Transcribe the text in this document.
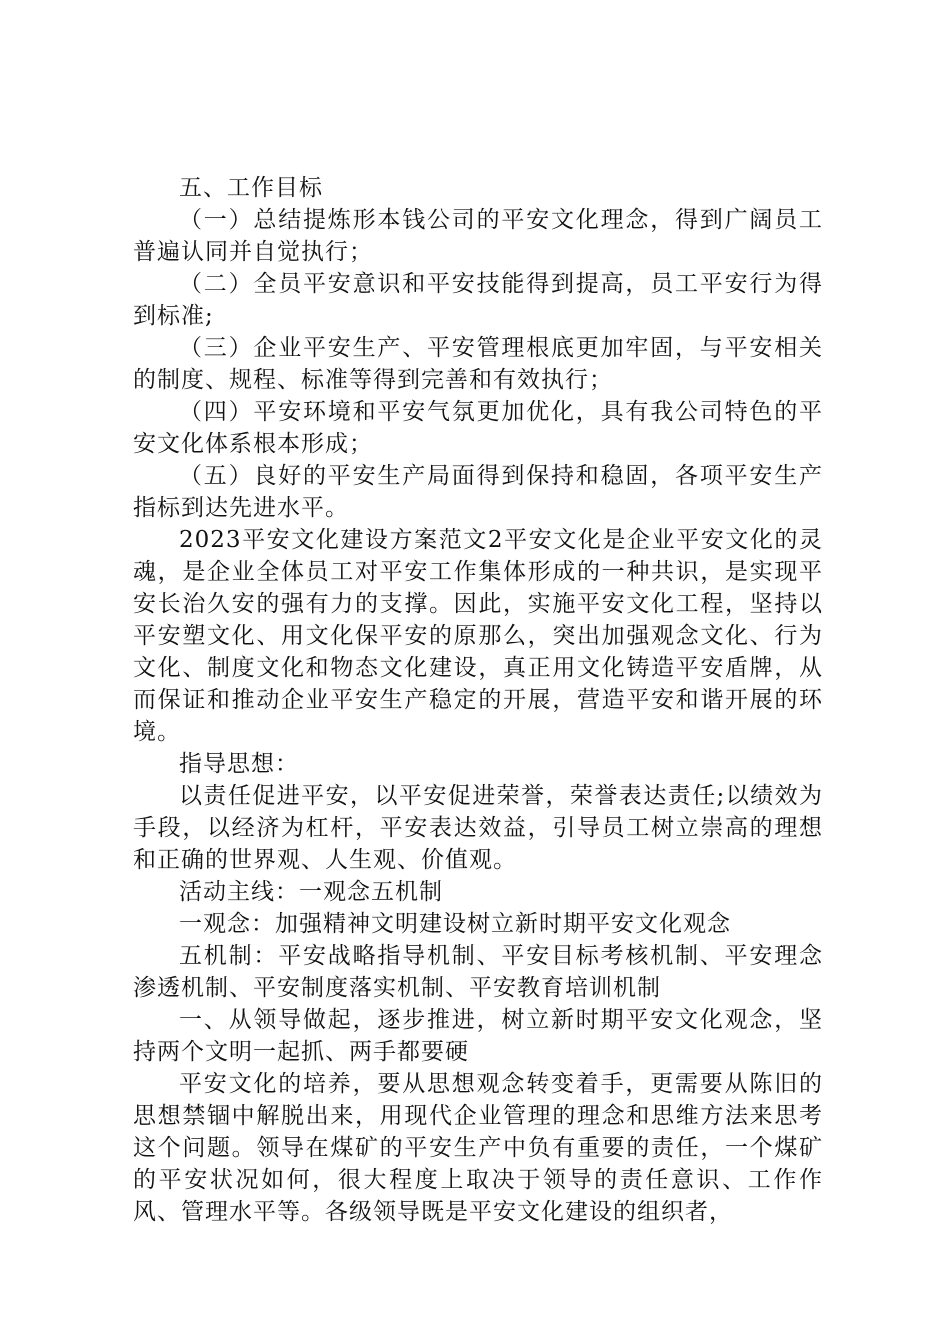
五、工作目标

（一）总结提炼形本钱公司的平安文化理念，得到广阔员工普遍认同并自觉执行；

（二）全员平安意识和平安技能得到提高，员工平安行为得到标准;

（三）企业平安生产、平安管理根底更加牢固，与平安相关的制度、规程、标准等得到完善和有效执行；

（四）平安环境和平安气氛更加优化，具有我公司特色的平安文化体系根本形成；

（五）良好的平安生产局面得到保持和稳固，各项平安生产指标到达先进水平。

2023平安文化建设方案范文2平安文化是企业平安文化的灵魂，是企业全体员工对平安工作集体形成的一种共识，是实现平安长治久安的强有力的支撑。因此，实施平安文化工程，坚持以平安塑文化、用文化保平安的原那么，突出加强观念文化、行为文化、制度文化和物态文化建设，真正用文化铸造平安盾牌，从而保证和推动企业平安生产稳定的开展，营造平安和谐开展的环境。

指导思想：

以责任促进平安，以平安促进荣誉，荣誉表达责任;以绩效为手段，以经济为杠杆，平安表达效益，引导员工树立崇高的理想和正确的世界观、人生观、价值观。

活动主线：一观念五机制

一观念：加强精神文明建设树立新时期平安文化观念

五机制：平安战略指导机制、平安目标考核机制、平安理念渗透机制、平安制度落实机制、平安教育培训机制

一、从领导做起，逐步推进，树立新时期平安文化观念，坚持两个文明一起抓、两手都要硬

平安文化的培养，要从思想观念转变着手，更需要从陈旧的思想禁锢中解脱出来，用现代企业管理的理念和思维方法来思考这个问题。领导在煤矿的平安生产中负有重要的责任，一个煤矿的平安状况如何，很大程度上取决于领导的责任意识、工作作风、管理水平等。各级领导既是平安文化建设的组织者，
